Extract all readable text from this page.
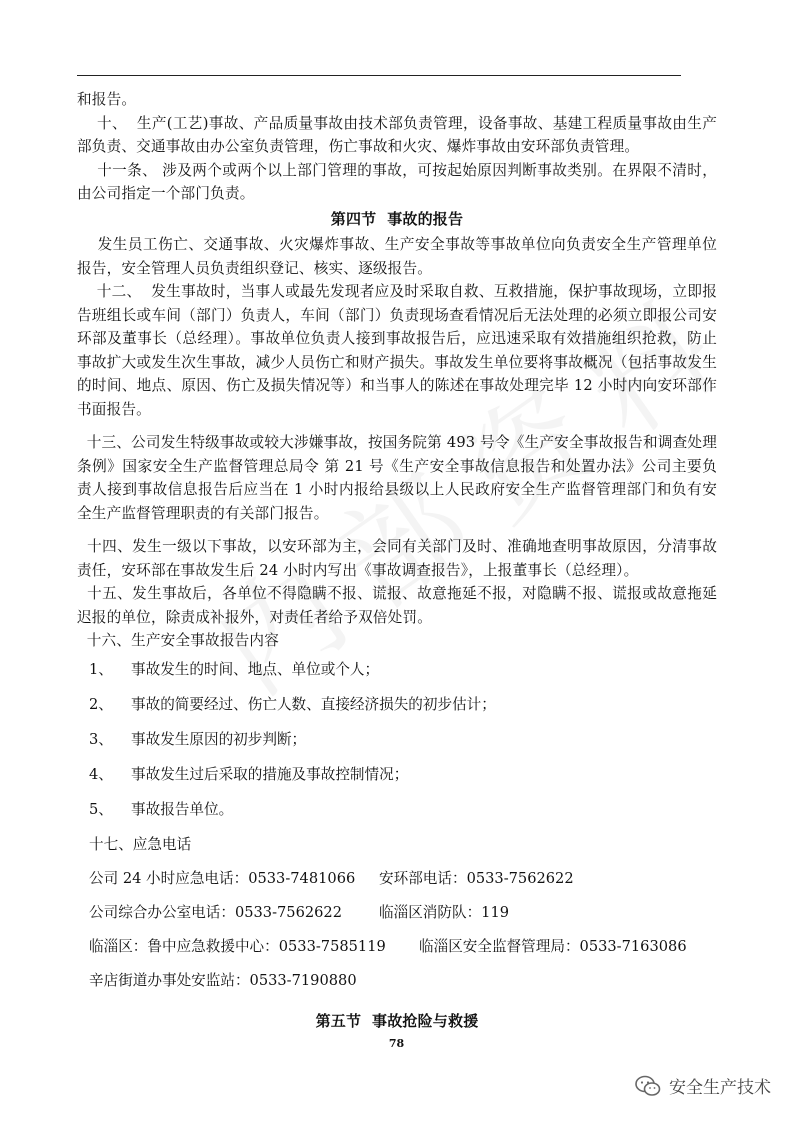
和报告。

十、  生产(工艺)事故、产品质量事故由技术部负责管理，设备事故、基建工程质量事故由生产部负责、交通事故由办公室负责管理，伤亡事故和火灾、爆炸事故由安环部负责管理。

十一条、 涉及两个或两个以上部门管理的事故，可按起始原因判断事故类别。在界限不清时，由公司指定一个部门负责。

第四节  事故的报告

发生员工伤亡、交通事故、火灾爆炸事故、生产安全事故等事故单位向负责安全生产管理单位报告，安全管理人员负责组织登记、核实、逐级报告。

十二、  发生事故时，当事人或最先发现者应及时采取自救、互救措施，保护事故现场，立即报告班组长或车间（部门）负责人，车间（部门）负责现场查看情况后无法处理的必须立即报公司安环部及董事长（总经理）。事故单位负责人接到事故报告后，应迅速采取有效措施组织抢救，防止事故扩大或发生次生事故，减少人员伤亡和财产损失。事故发生单位要将事故概况（包括事故发生的时间、地点、原因、伤亡及损失情况等）和当事人的陈述在事故处理完毕 12 小时内向安环部作书面报告。

十三、公司发生特级事故或较大涉嫌事故，按国务院第 493 号令《生产安全事故报告和调查处理条例》国家安全生产监督管理总局令 第 21 号《生产安全事故信息报告和处置办法》公司主要负责人接到事故信息报告后应当在 1 小时内报给县级以上人民政府安全生产监督管理部门和负有安全生产监督管理职责的有关部门报告。

十四、发生一级以下事故，以安环部为主，会同有关部门及时、准确地查明事故原因，分清事故责任，安环部在事故发生后 24 小时内写出《事故调查报告》，上报董事长（总经理）。

十五、发生事故后，各单位不得隐瞒不报、谎报、故意拖延不报，对隐瞒不报、谎报或故意拖延迟报的单位，除责成补报外，对责任者给予双倍处罚。

十六、生产安全事故报告内容

1、	事故发生的时间、地点、单位或个人；
2、	事故的简要经过、伤亡人数、直接经济损失的初步估计；
3、	事故发生原因的初步判断；
4、	事故发生过后采取的措施及事故控制情况；
5、	事故报告单位。
十七、应急电话
公司 24 小时应急电话：0533-7481066	安环部电话：0533-7562622
公司综合办公室电话：0533-7562622	临淄区消防队：119
临淄区：鲁中应急救援中心：0533-7585119	临淄区安全监督管理局：0533-7163086
辛店街道办事处安监站：0533-7190880

第五节  事故抢险与救援

78
安全生产技术
